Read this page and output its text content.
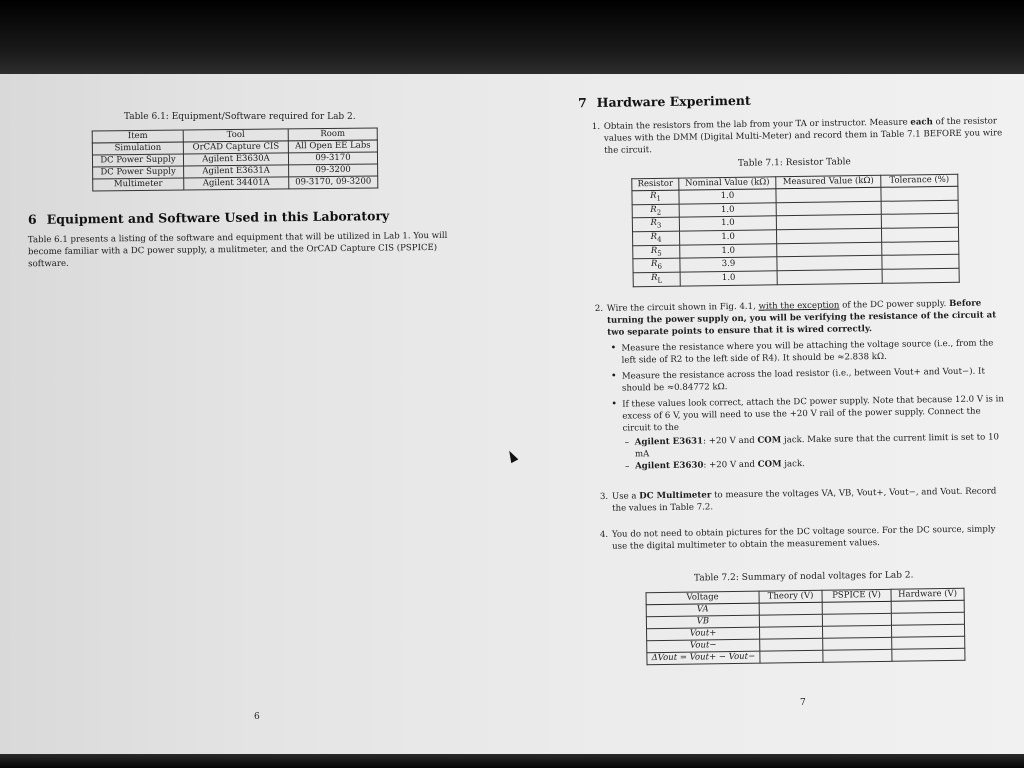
Table 6.1: Equipment/Software required for Lab 2.
Item	Tool	Room
Simulation	OrCAD Capture CIS	All Open EE Labs
DC Power Supply	Agilent E3630A	09-3170
DC Power Supply	Agilent E3631A	09-3200
Multimeter	Agilent 34401A	09-3170, 09-3200
6 Equipment and Software Used in this Laboratory
Table 6.1 presents a listing of the software and equipment that will be utilized in Lab 1. You will become familiar with a DC power supply, a mulitmeter, and the OrCAD Capture CIS (PSPICE) software.
6
7 Hardware Experiment
1. Obtain the resistors from the lab from your TA or instructor. Measure each of the resistor values with the DMM (Digital Multi-Meter) and record them in Table 7.1 BEFORE you wire the circuit.
Table 7.1: Resistor Table
Resistor	Nominal Value (kΩ)	Measured Value (kΩ)	Tolerance (%)
$R_1$	1.0		
$R_2$	1.0		
$R_3$	1.0		
$R_4$	1.0		
$R_5$	1.0		
$R_6$	3.9		
$R_L$	1.0		
2. Wire the circuit shown in Fig. 4.1, with the exception of the DC power supply. Before turning the power supply on, you will be verifying the resistance of the circuit at two separate points to ensure that it is wired correctly.
• Measure the resistance where you will be attaching the voltage source (i.e., from the left side of R2 to the left side of R4). It should be ≈2.838 kΩ.
• Measure the resistance across the load resistor (i.e., between Vout+ and Vout−). It should be ≈0.84772 kΩ.
• If these values look correct, attach the DC power supply. Note that because 12.0 V is in excess of 6 V, you will need to use the +20 V rail of the power supply. Connect the circuit to the
– Agilent E3631: +20 V and COM jack. Make sure that the current limit is set to 10 mA
– Agilent E3630: +20 V and COM jack.
3. Use a DC Multimeter to measure the voltages VA, VB, Vout+, Vout−, and Vout. Record the values in Table 7.2.
4. You do not need to obtain pictures for the DC voltage source. For the DC source, simply use the digital multimeter to obtain the measurement values.
Table 7.2: Summary of nodal voltages for Lab 2.
Voltage	Theory (V)	PSPICE (V)	Hardware (V)
VA			
VB			
Vout+			
Vout−			
ΔVout = Vout+ − Vout−			
7
